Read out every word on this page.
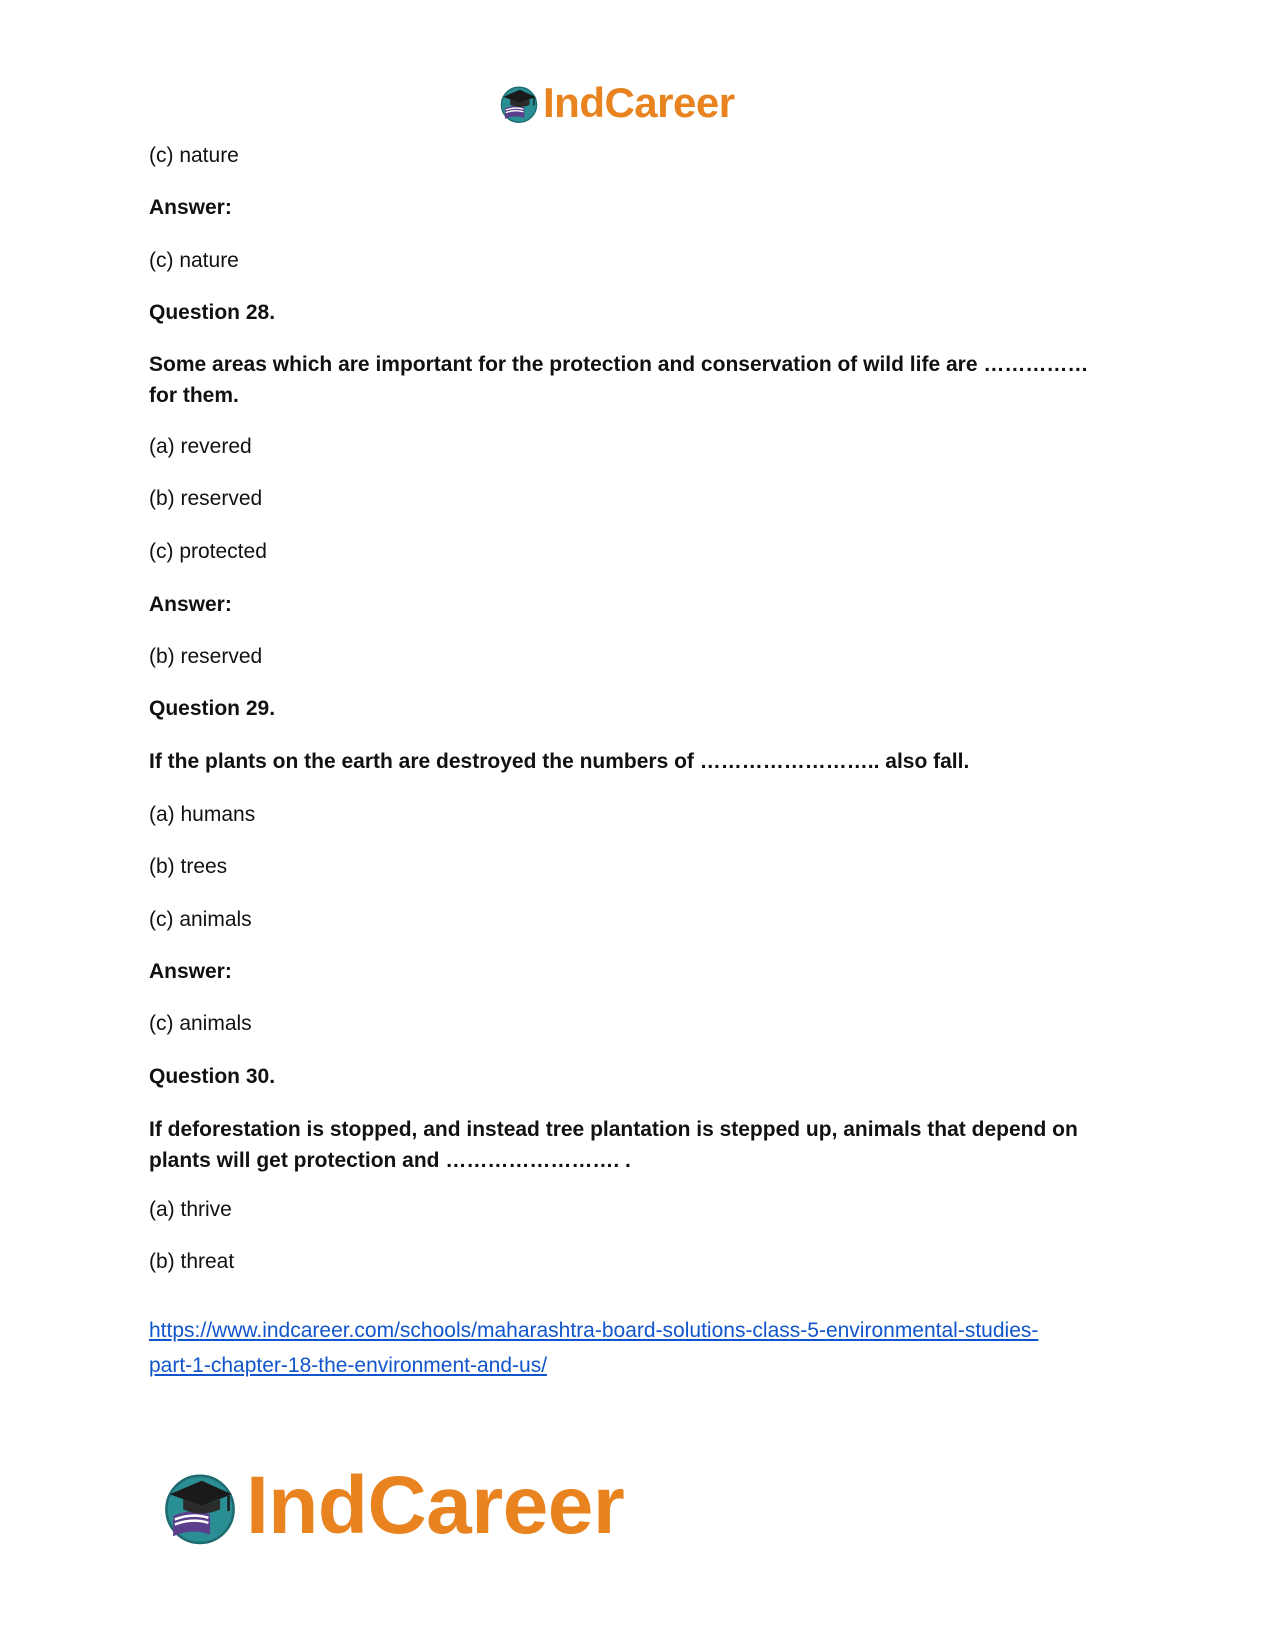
IndCareer
(c) nature
Answer:
(c) nature
Question 28.
Some areas which are important for the protection and conservation of wild life are …………… for them.
(a) revered
(b) reserved
(c) protected
Answer:
(b) reserved
Question 29.
If the plants on the earth are destroyed the numbers of …………………….. also fall.
(a) humans
(b) trees
(c) animals
Answer:
(c) animals
Question 30.
If deforestation is stopped, and instead tree plantation is stepped up, animals that depend on plants will get protection and ……………………. .
(a) thrive
(b) threat
https://www.indcareer.com/schools/maharashtra-board-solutions-class-5-environmental-studies-
part-1-chapter-18-the-environment-and-us/
IndCareer
